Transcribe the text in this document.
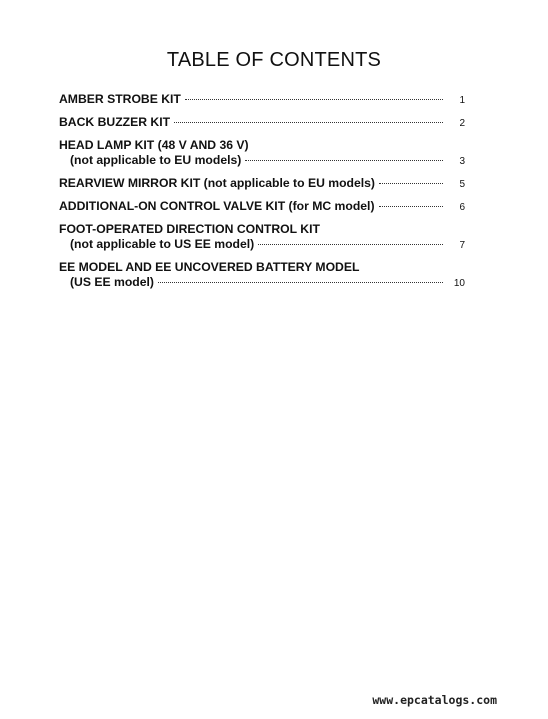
TABLE OF CONTENTS
AMBER STROBE KIT	1
BACK BUZZER KIT	2
HEAD LAMP KIT (48 V AND 36 V)
(not applicable to EU models)	3
REARVIEW MIRROR KIT (not applicable to EU models)	5
ADDITIONAL-ON CONTROL VALVE KIT (for MC model)	6
FOOT-OPERATED DIRECTION CONTROL KIT
(not applicable to US EE model)	7
EE MODEL AND EE UNCOVERED BATTERY MODEL
(US EE model)	10
www.epcatalogs.com
